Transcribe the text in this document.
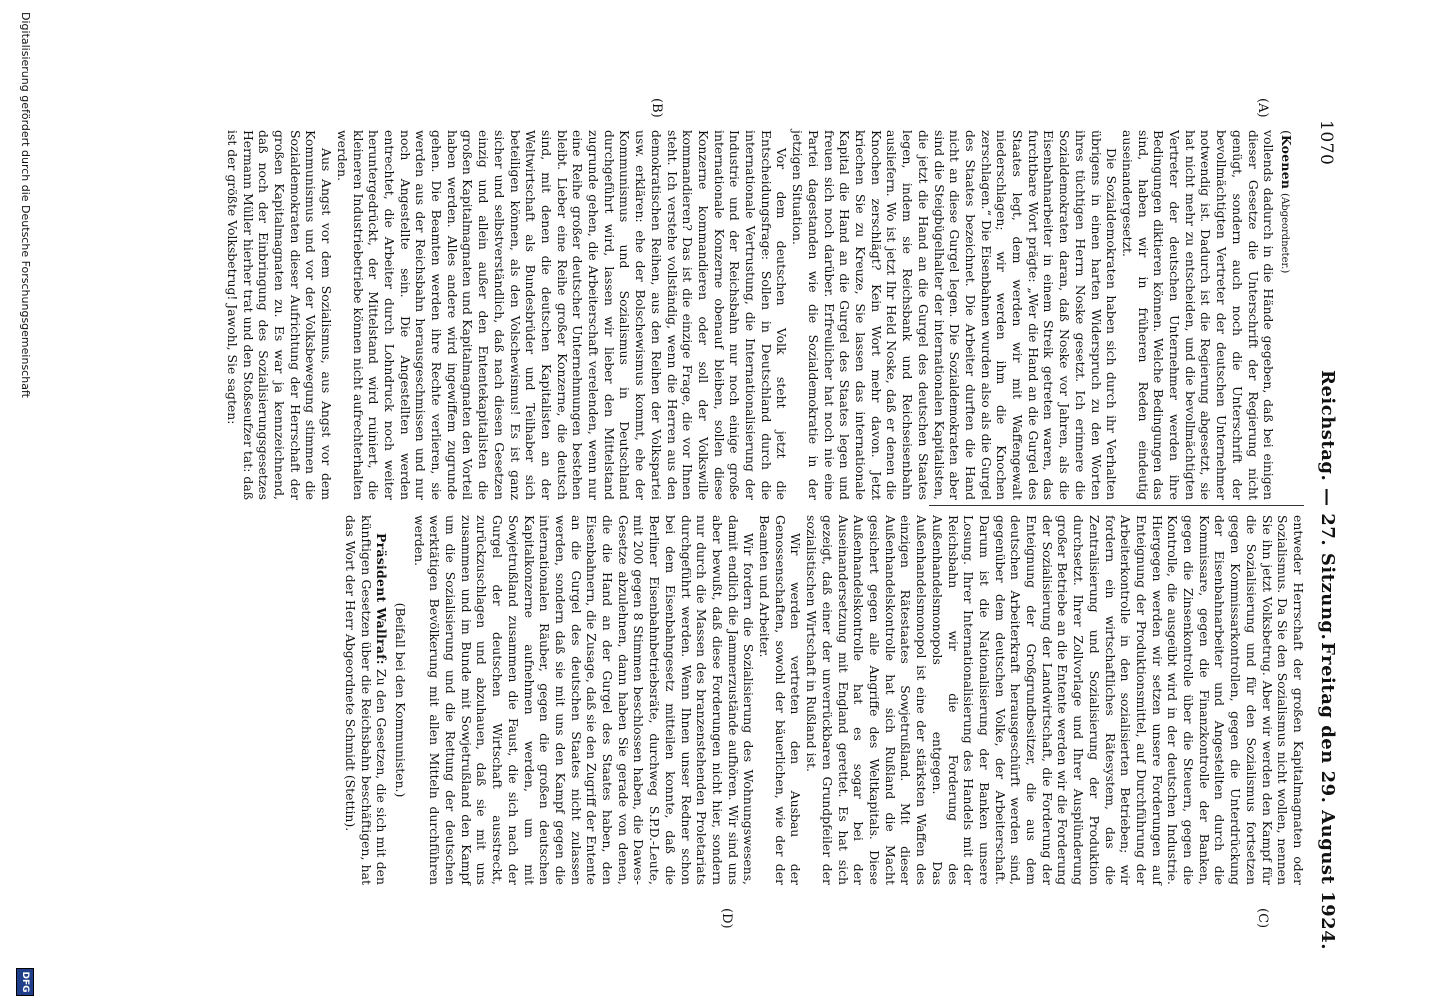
1070
Reichstag. — 27. Sitzung.
Freitag den 29. August 1924.
(A)
(B)
(C)
(D)

(Koenen (Abgeordneter.)

vollends dadurch in die Hände gegeben, daß bei einigen dieser Gesetze die Unterschrift der Regierung nicht genügt, sondern auch noch die Unterschrift der bevollmächtigten Vertreter der deutschen Unternehmer notwendig ist. Dadurch ist die Regierung abgesetzt, sie hat nicht mehr zu entscheiden, und die bevollmächtigten Vertreter der deutschen Unternehmer werden ihre Bedingungen diktieren können. Welche Bedingungen das sind, haben wir in früheren Reden eindeutig auseinandergesetzt.

Die Sozialdemokraten haben sich durch ihr Verhalten übrigens in einen harten Widerspruch zu den Worten ihres tüchtigen Herrn Noske gesetzt. Ich erinnere die Sozialdemokraten daran, daß Noske vor Jahren, als die Eisenbahnarbeiter in einem Streik getreten waren, das furchtbare Wort prägte: „Wer die Hand an die Gurgel des Staates legt, dem werden wir mit Waffengewalt niederschlagen; wir werden ihm die Knochen zerschlagen.“ Die Eisenbahnen wurden also als die Gurgel des Staates bezeichnet. Die Arbeiter durften die Hand nicht an diese Gurgel legen. Die Sozialdemokraten aber sind die Steigbügelhalter der internationalen Kapitalisten, die jetzt die Hand an die Gurgel des deutschen Staates legen, indem sie Reichsbank und Reichseisenbahn ausliefern. Wo ist jetzt Ihr Held Noske, daß er denen die Knochen zerschlägt? Kein Wort mehr davon. Jetzt kriechen Sie zu Kreuze, Sie lassen das internationale Kapital die Hand an die Gurgel des Staates legen und freuen sich noch darüber. Erfreulicher hat noch nie eine Partei dagestanden wie die Sozialdemokratie in der jetzigen Situation.

Vor dem deutschen Volk steht jetzt die Entscheidungsfrage: Sollen in Deutschland durch die internationale Vertrustung, die Internationalisierung der Industrie und der Reichsbahn nur noch einige große internationale Konzerne obenauf bleiben, sollen diese Konzerne kommandieren oder soll der Volkswille kommandieren? Das ist die einzige Frage, die vor Ihnen steht. Ich verstehe vollständig, wenn die Herren aus den demokratischen Reihen, aus den Reihen der Volkspartei usw. erklären: ehe der Bolschewismus kommt, ehe der Kommunismus und Sozialismus in Deutschland durchgeführt wird, lassen wir lieber den Mittelstand zugrunde gehen, die Arbeiterschaft verelenden, wenn nur eine Reihe großer deutscher Unternehmungen bestehen bleibt. Lieber eine Reihe großer Konzerne, die deutsch sind, mit denen die deutschen Kapitalisten an der Weltwirtschaft als Bundesbrüder und Teilhaber sich beteiligen können, als den Volschewismus! Es ist ganz sicher und selbstverständlich, daß nach diesen Gesetzen einzig und allein außer den Ententekapitalisten die großen Kapitalmagnaten und Kapitalmagnaten den Vorteil haben werden. Alles andere wird ingewiffem zugrunde gehen. Die Beamten werden ihre Rechte verlieren, sie werden aus der Reichsbahn herausgeschmissen und nur noch Angestellte sein. Die Angestellten werden entrechtet, die Arbeiter durch Lohndruck noch weiter heruntergedrückt, der Mittelstand wird ruiniert, die kleineren Industriebetriebe können nicht aufrechterhalten werden.

Aus Angst vor dem Sozialismus, aus Angst vor dem Kommunismus und vor der Volksbewegung stimmen die Sozialdemokraten dieser Aufrichtung der Herrschaft der großen Kapitalmagnaten zu. Es war ja kennzeichnend, daß noch der Einbringung des Sozialisierungsgesetzes Hermann Müller hierher trat und den Stoßseufzer tat: daß ist der größte Volksbetrug! Jawohl, Sie sagten:

entweder Herrschaft der großen Kapitalmagnaten oder Sozialismus. Da Sie den Sozialismus nicht wollen, nennen Sie ihn jetzt Volksbetrug. Aber wir werden den Kampf für die Sozialisierung und für den Sozialismus fortsetzen gegen Kommissarkontrollen, gegen die Unterdrückung der Eisenbahnarbeiter und Angestellten durch die Kommissare, gegen die Finanzkontrolle der Banken, gegen die Zinsenkontrolle über die Steuern, gegen die Kontrolle, die ausgeübt wird in der deutschen Industrie. Hiergegen werden wir setzen unsere Forderungen auf Enteignung der Produktionsmittel, auf Durchführung der Arbeiterkontrolle in den sozialisierten Betrieben; wir fordern ein wirtschaftliches Rätesystem, das die Zentralisierung und Sozialisierung der Produktion durchsetzt. Ihrer Zollvorlage und Ihrer Ausplünderung großer Betriebe an die Entente werden wir die Forderung der Sozialisierung der Landwirtschaft, die Forderung der Enteignung der Großgrundbesitzer, die aus dem deutschen Arbeiterkraft herausgeschürft werden sind, gegenüber dem deutschen Volke, der Arbeiterschaft. Darum ist die Nationalisierung der Banken unsere Losung. Ihrer Internationalisierung des Handels mit der Reichsbahn wir die Forderung des Außenhandelsmonopols entgegen. Das Außenhandelsmonopol ist eine der stärksten Waffen des einzigen Rätestaates Sowjetrußland. Mit dieser Außenhandelskontrolle hat sich Rußland die Macht gesichert gegen alle Angriffe des Weltkapitals. Diese Außenhandelskontrolle hat es sogar bei der Auseinandersetzung mit England gerettet. Es hat sich gezeigt, daß einer der unverrückbaren Grundpfeiler der sozialistischen Wirtschaft in Rußland ist.

Wir werden vertreten den Ausbau der Genossenschaften, sowohl der bäuerlichen, wie der der Beamten und Arbeiter.

Wir fordern die Sozialisierung des Wohnungswesens, damit endlich die Jammerzustände aufhören. Wir sind uns aber bewußt, daß diese Forderungen nicht hier, sondern nur durch die Massen des branzenstehenden Proletariats durchgeführt werden. Wenn Ihnen unser Redner schon bei dem Eisenbahngesetz mitteilen konnte, daß die Berliner Eisenbahnbetriebsräte, durchweg S.P.D.-Leute, mit 200 gegen 8 Stimmen beschlossen haben, die Dawes-Gesetze abzulehnen, dann haben Sie gerade von denen, die die Hand an der Gurgel des Staates haben, den Eisenbahnern, die Zusage, daß sie den Zugriff der Entente an die Gurgel des deutschen Staates nicht zulassen werden, sondern daß sie mit uns den Kampf gegen die internationalen Räuber, gegen die großen deutschen Kapitalkonzerne aufnehmen werden, um mit Sowjetrußland zusammen die Faust, die sich nach der Gurgel der deutschen Wirtschaft ausstreckt, zurückzuschlagen und abzuhauen, daß sie mit uns zusammen und im Bunde mit Sowjetrußland den Kampf um die Sozialisierung und die Rettung der deutschen werktätigen Bevölkerung mit allen Mitteln durchführen werden.

(Beifall bei den Kommunisten.)

Präsident Wallraf: Zu den Gesetzen, die sich mit den künftigen Gesetzen über die Reichsbahn beschäftigen, hat das Wort der Herr Abgeordnete Schmidt (Stettin).

Digitalisierung gefördert durch die Deutsche Forschungsgemeinschaft
DFG
